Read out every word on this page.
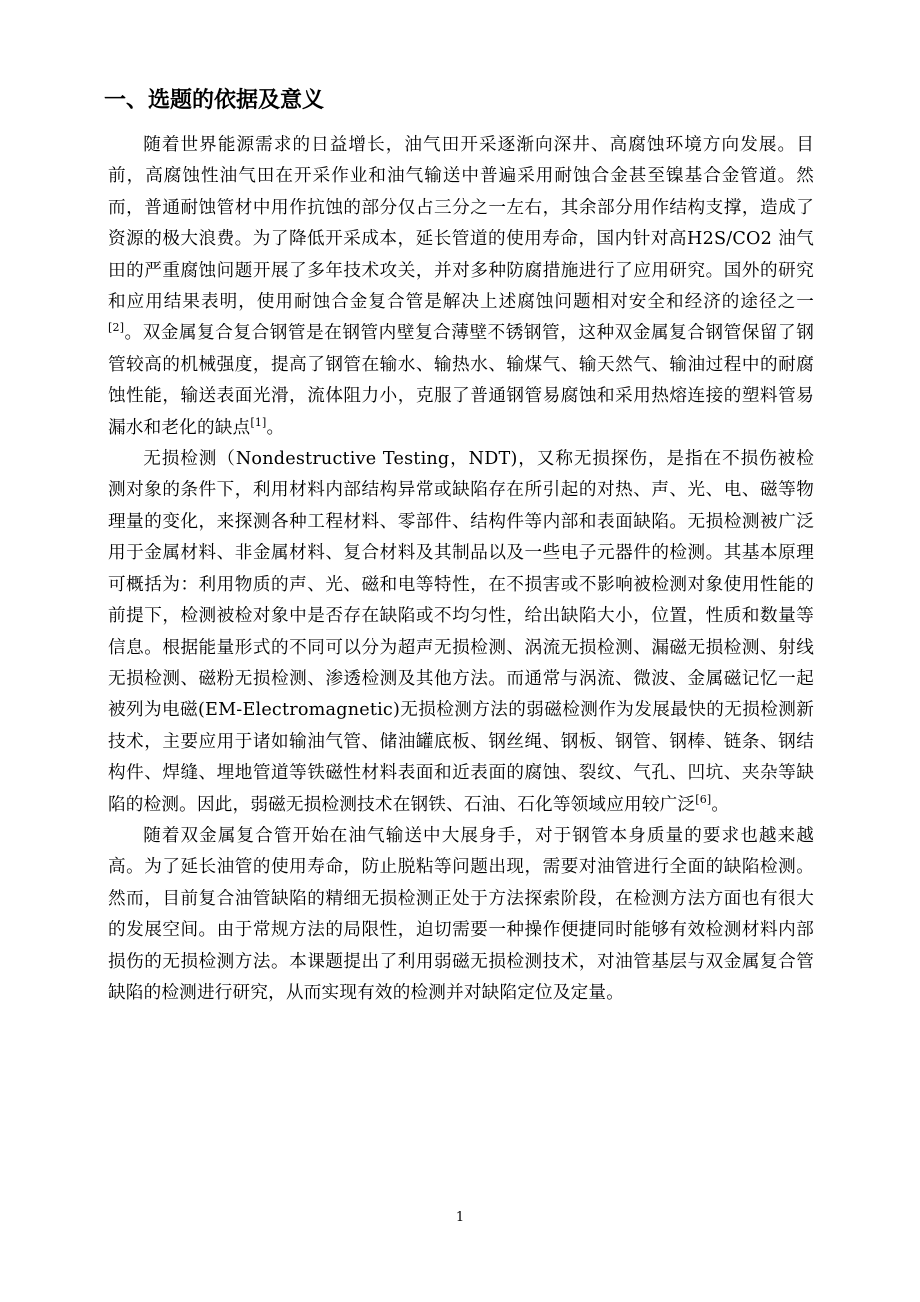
一、选题的依据及意义

随着世界能源需求的日益增长，油气田开采逐渐向深井、高腐蚀环境方向发展。目前，高腐蚀性油气田在开采作业和油气输送中普遍采用耐蚀合金甚至镍基合金管道。然而，普通耐蚀管材中用作抗蚀的部分仅占三分之一左右，其余部分用作结构支撑，造成了资源的极大浪费。为了降低开采成本，延长管道的使用寿命，国内针对高H2S/CO2 油气田的严重腐蚀问题开展了多年技术攻关，并对多种防腐措施进行了应用研究。国外的研究和应用结果表明，使用耐蚀合金复合管是解决上述腐蚀问题相对安全和经济的途径之一[2]。双金属复合复合钢管是在钢管内壁复合薄壁不锈钢管，这种双金属复合钢管保留了钢管较高的机械强度，提高了钢管在输水、输热水、输煤气、输天然气、输油过程中的耐腐蚀性能，输送表面光滑，流体阻力小，克服了普通钢管易腐蚀和采用热熔连接的塑料管易漏水和老化的缺点[1]。

无损检测（Nondestructive Testing，NDT)，又称无损探伤，是指在不损伤被检测对象的条件下，利用材料内部结构异常或缺陷存在所引起的对热、声、光、电、磁等物理量的变化，来探测各种工程材料、零部件、结构件等内部和表面缺陷。无损检测被广泛用于金属材料、非金属材料、复合材料及其制品以及一些电子元器件的检测。其基本原理可概括为：利用物质的声、光、磁和电等特性，在不损害或不影响被检测对象使用性能的前提下，检测被检对象中是否存在缺陷或不均匀性，给出缺陷大小，位置，性质和数量等信息。根据能量形式的不同可以分为超声无损检测、涡流无损检测、漏磁无损检测、射线无损检测、磁粉无损检测、渗透检测及其他方法。而通常与涡流、微波、金属磁记忆一起被列为电磁(EM-Electromagnetic)无损检测方法的弱磁检测作为发展最快的无损检测新技术，主要应用于诸如输油气管、储油罐底板、钢丝绳、钢板、钢管、钢棒、链条、钢结构件、焊缝、埋地管道等铁磁性材料表面和近表面的腐蚀、裂纹、气孔、凹坑、夹杂等缺陷的检测。因此，弱磁无损检测技术在钢铁、石油、石化等领域应用较广泛[6]。

随着双金属复合管开始在油气输送中大展身手，对于钢管本身质量的要求也越来越高。为了延长油管的使用寿命，防止脱粘等问题出现，需要对油管进行全面的缺陷检测。然而，目前复合油管缺陷的精细无损检测正处于方法探索阶段，在检测方法方面也有很大的发展空间。由于常规方法的局限性，迫切需要一种操作便捷同时能够有效检测材料内部损伤的无损检测方法。本课题提出了利用弱磁无损检测技术，对油管基层与双金属复合管缺陷的检测进行研究，从而实现有效的检测并对缺陷定位及定量。

1
